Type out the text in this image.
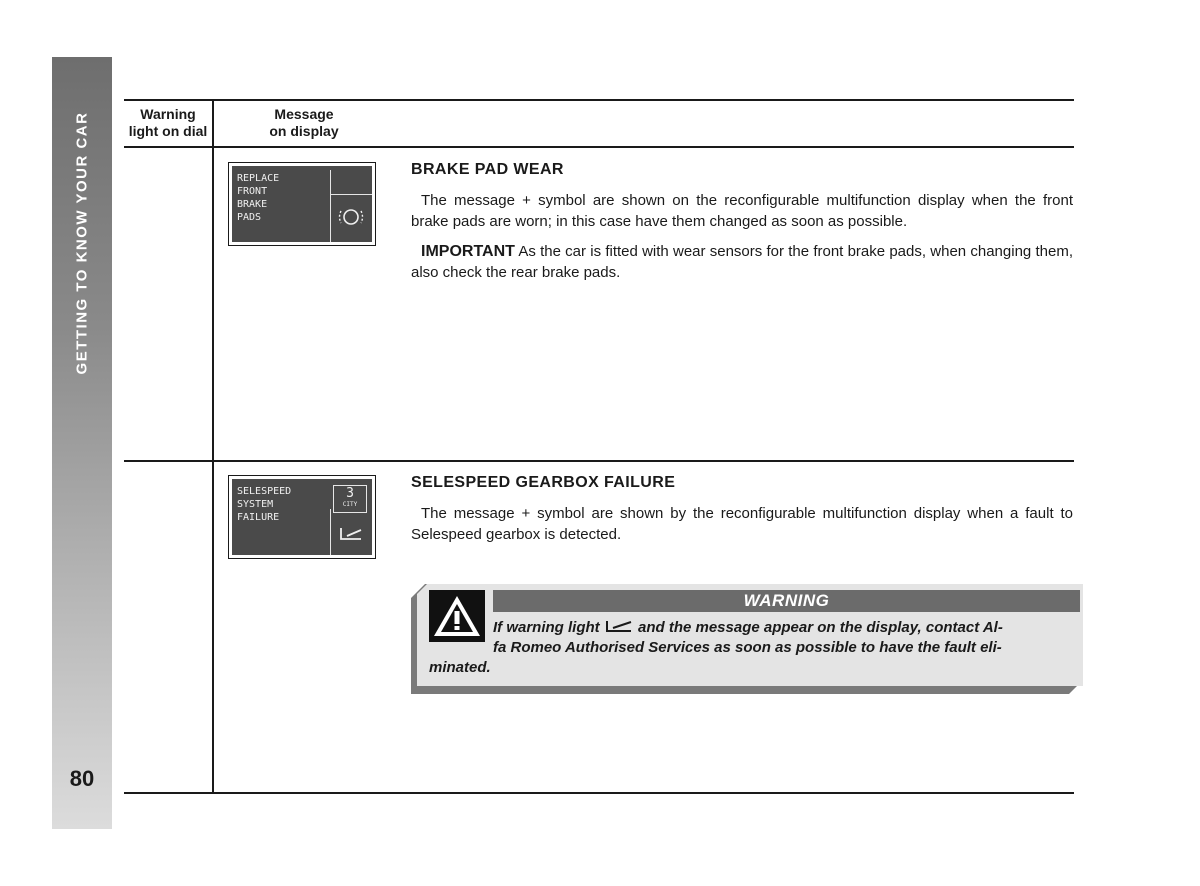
GETTING TO KNOW YOUR CAR
80
Warning
light on dial
Message
on display
REPLACE
FRONT
BRAKE
PADS
BRAKE PAD WEAR

The message + symbol are shown on the reconfigurable multifunction display when the front brake pads are worn; in this case have them changed as soon as possible.

IMPORTANT As the car is fitted with wear sensors for the front brake pads, when changing them, also check the rear brake pads.

SELESPEED
SYSTEM
FAILURE
3
CITY
SELESPEED GEARBOX FAILURE

The message + symbol are shown by the reconfigurable multifunction display when a fault to Selespeed gearbox is detected.

WARNING
If warning light	and the message appear on the display, contact Al-
fa Romeo Authorised Services as soon as possible to have the fault eli-
minated.
